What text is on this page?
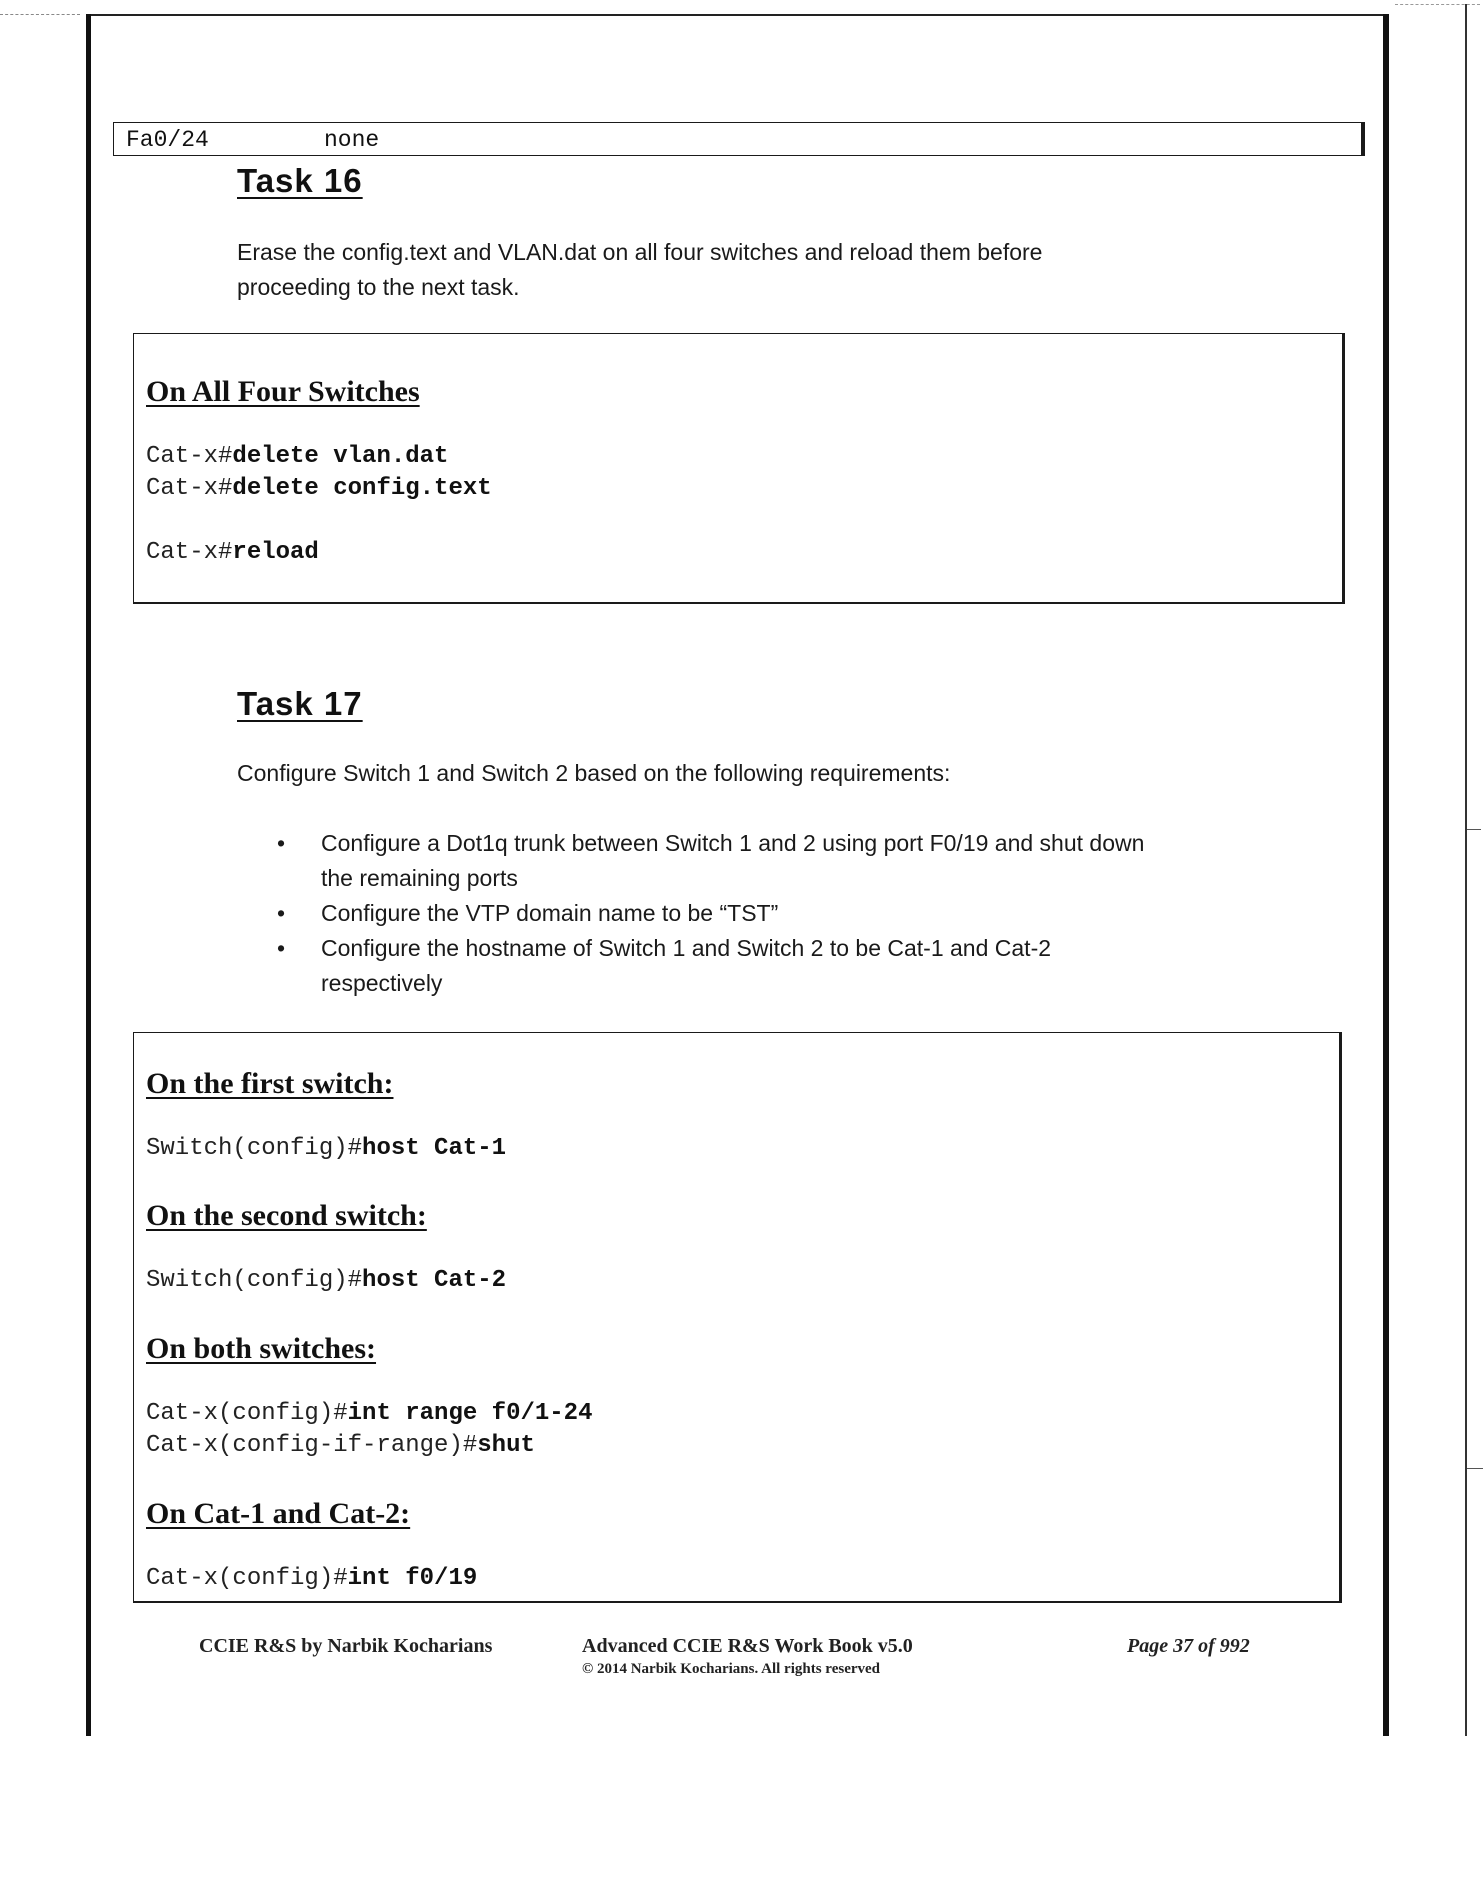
Fa0/24	none
Task 16
Erase the config.text and VLAN.dat on all four switches and reload them before
proceeding to the next task.
On All Four Switches
Cat-x#delete vlan.dat
Cat-x#delete config.text
Cat-x#reload
Task 17
Configure Switch 1 and Switch 2 based on the following requirements:
• Configure a Dot1q trunk between Switch 1 and 2 using port F0/19 and shut down
the remaining ports
• Configure the VTP domain name to be “TST”
• Configure the hostname of Switch 1 and Switch 2 to be Cat-1 and Cat-2
respectively
On the first switch:
Switch(config)#host Cat-1
On the second switch:
Switch(config)#host Cat-2
On both switches:
Cat-x(config)#int range f0/1-24
Cat-x(config-if-range)#shut
On Cat-1 and Cat-2:
Cat-x(config)#int f0/19
CCIE R&S by Narbik Kocharians	Advanced CCIE R&S Work Book v5.0
© 2014 Narbik Kocharians. All rights reserved
Page 37 of 992
